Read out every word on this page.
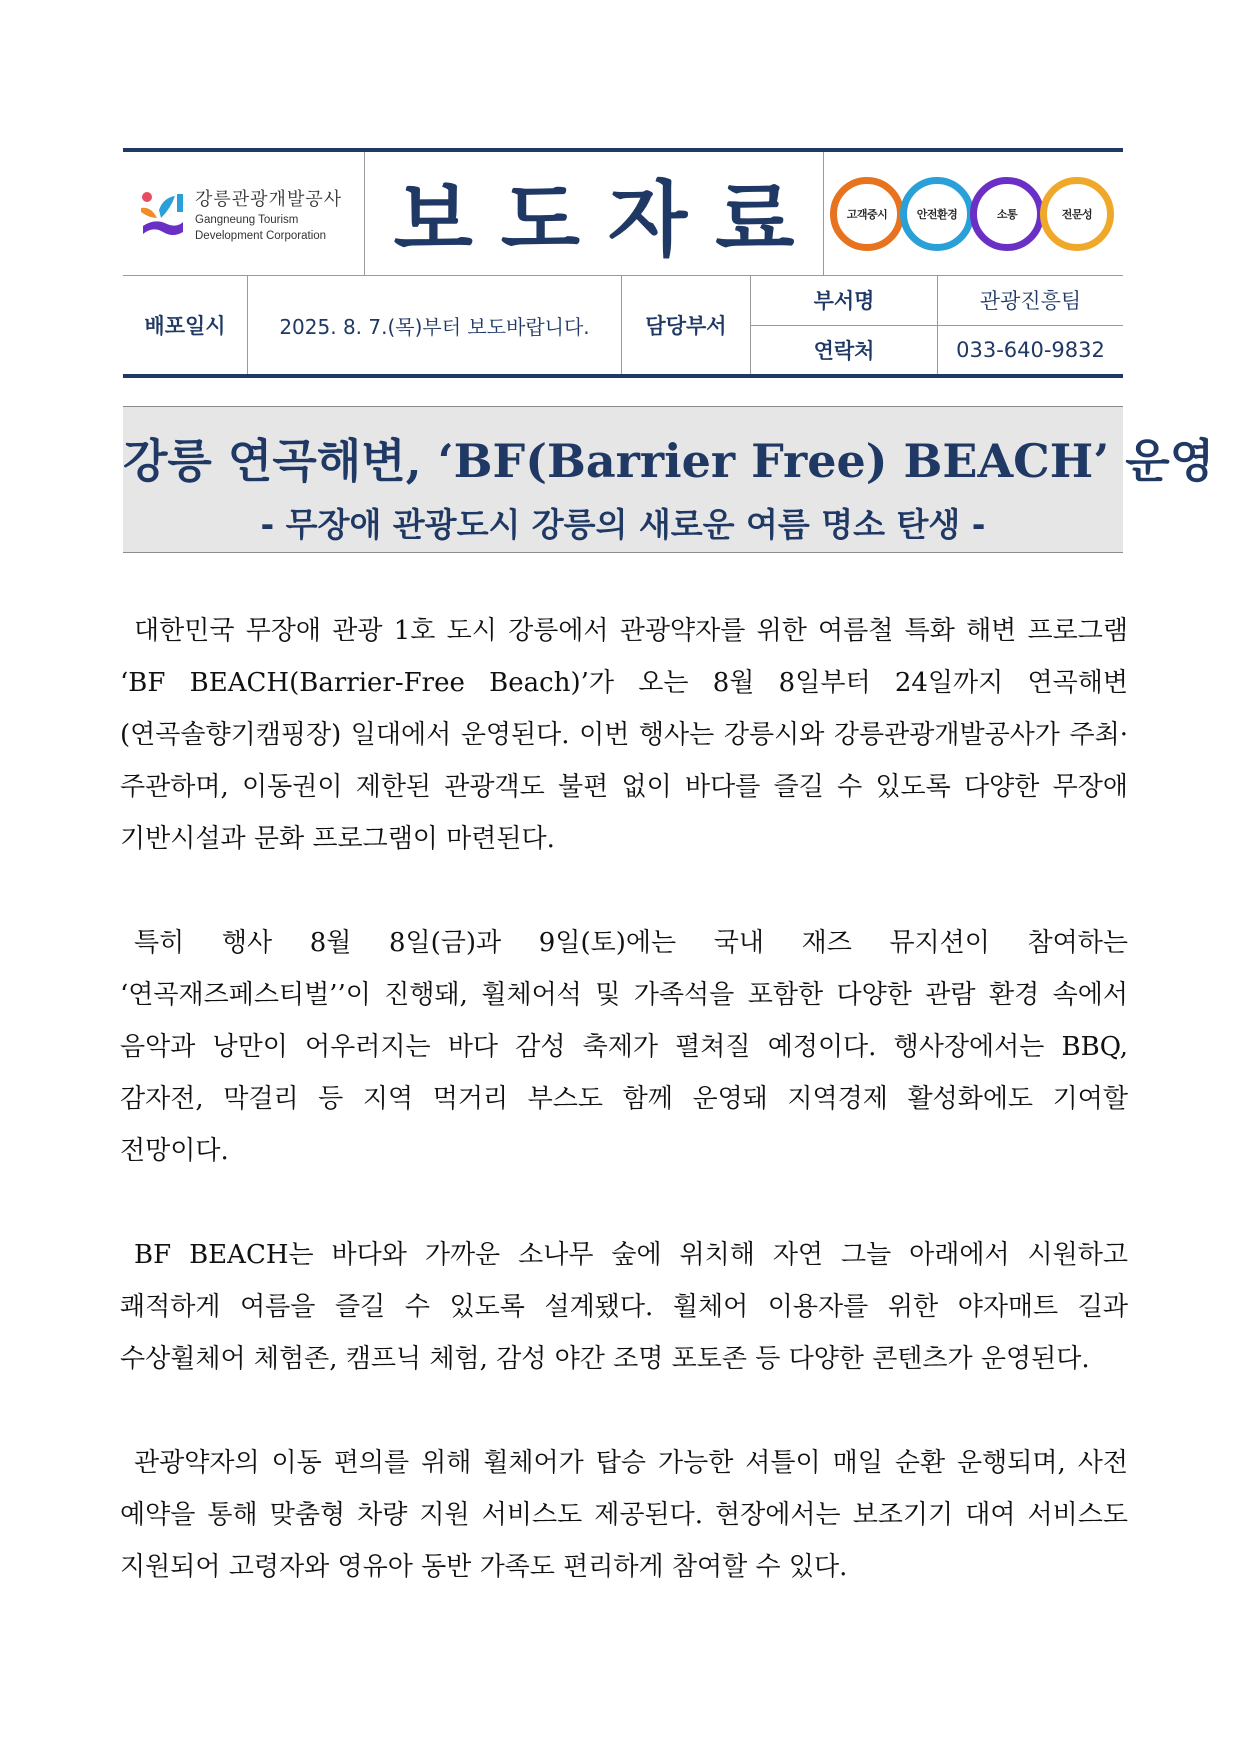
강릉관광개발공사
Gangneung Tourism
Development Corporation 보도자료 고객중시	안전환경	소통	전문성
배포일시	2025. 8. 7.(목)부터 보도바랍니다.	담당부서
부서명	관광진흥팀
연락처	033-640-9832
강릉 연곡해변, ‘BF(Barrier Free) BEACH’ 운영
- 무장애 관광도시 강릉의 새로운 여름 명소 탄생 -

대한민국 무장애 관광 1호 도시 강릉에서 관광약자를 위한 여름철 특화 해변 프로그램 ‘BF BEACH(Barrier-Free Beach)’가 오는 8월 8일부터 24일까지 연곡해변(연곡솔향기캠핑장) 일대에서 운영된다. 이번 행사는 강릉시와 강릉관광개발공사가 주최·주관하며, 이동권이 제한된 관광객도 불편 없이 바다를 즐길 수 있도록 다양한 무장애 기반시설과 문화 프로그램이 마련된다.

특히 행사 8월 8일(금)과 9일(토)에는 국내 재즈 뮤지션이 참여하는 ‘연곡재즈페스티벌’’이 진행돼, 휠체어석 및 가족석을 포함한 다양한 관람 환경 속에서 음악과 낭만이 어우러지는 바다 감성 축제가 펼쳐질 예정이다. 행사장에서는 BBQ, 감자전, 막걸리 등 지역 먹거리 부스도 함께 운영돼 지역경제 활성화에도 기여할 전망이다.

BF BEACH는 바다와 가까운 소나무 숲에 위치해 자연 그늘 아래에서 시원하고 쾌적하게 여름을 즐길 수 있도록 설계됐다. 휠체어 이용자를 위한 야자매트 길과 수상휠체어 체험존, 캠프닉 체험, 감성 야간 조명 포토존 등 다양한 콘텐츠가 운영된다.

관광약자의 이동 편의를 위해 휠체어가 탑승 가능한 셔틀이 매일 순환 운행되며, 사전 예약을 통해 맞춤형 차량 지원 서비스도 제공된다. 현장에서는 보조기기 대여 서비스도 지원되어 고령자와 영유아 동반 가족도 편리하게 참여할 수 있다.
